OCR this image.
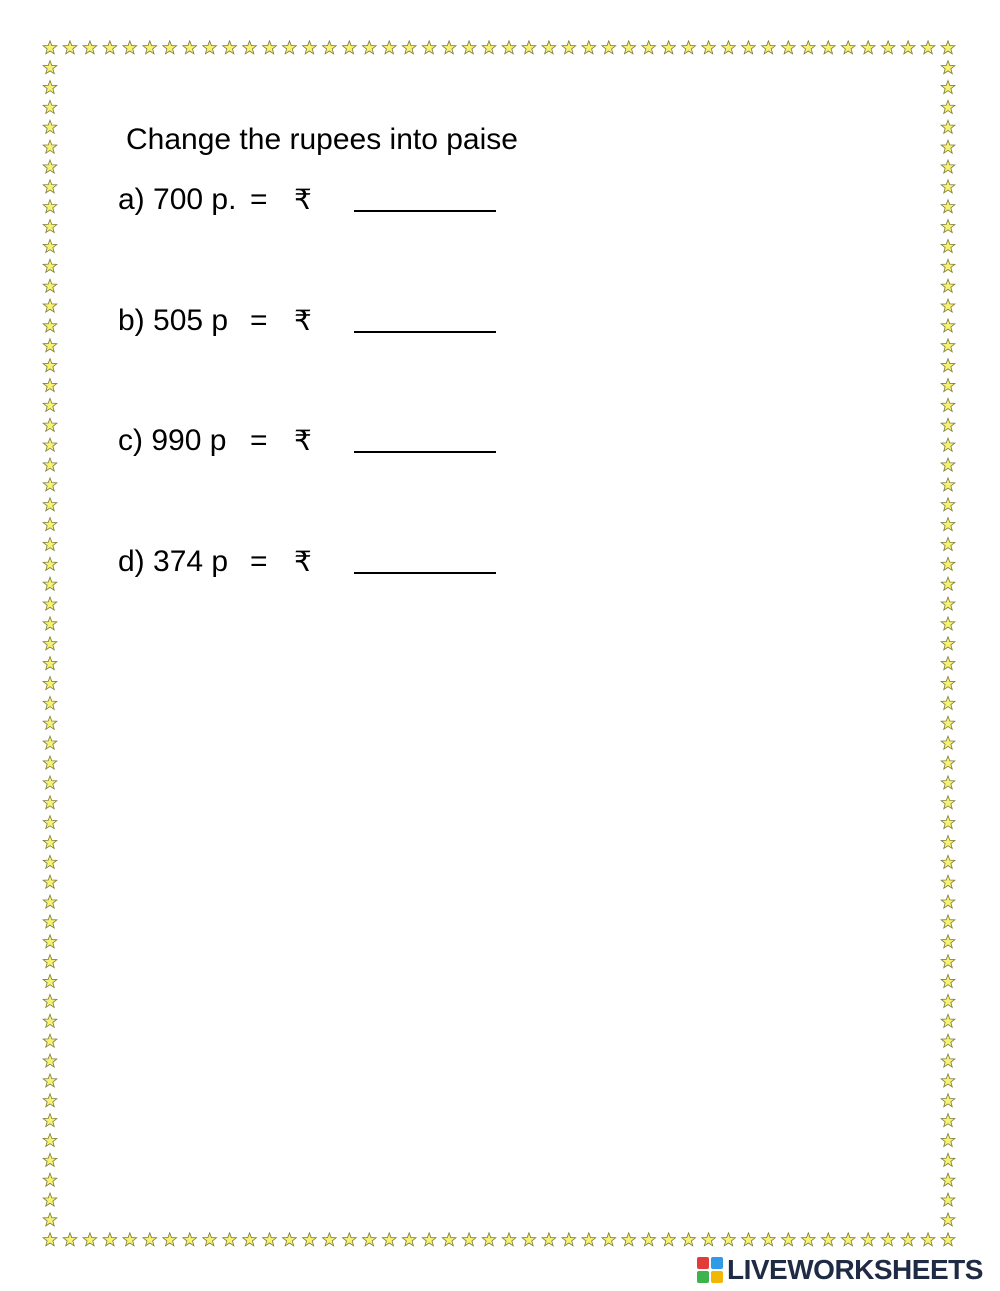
Change the rupees into paise
a) 700 p. = ₹
b) 505 p = ₹
c) 990 p = ₹
d) 374 p = ₹
LIVEWORKSHEETS
